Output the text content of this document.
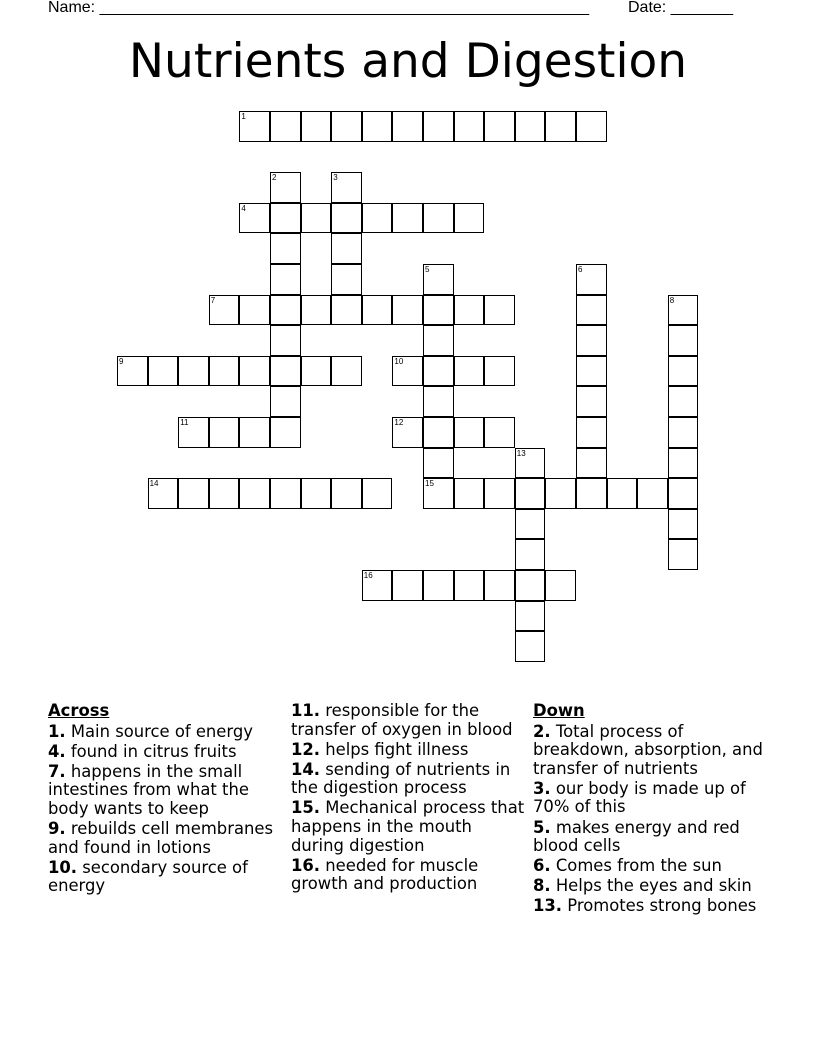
Name: _______________________________________________________ Date: _______
Nutrients and Digestion
1
2	3
4
5
15
6
7	8
9	10
11	12
13
14
16
Across
1. Main source of energy
4. found in citrus fruits
7. happens in the small intestines from what the body wants to keep
9. rebuilds cell membranes and found in lotions
10. secondary source of energy
11. responsible for the transfer of oxygen in blood
12. helps fight illness
14. sending of nutrients in the digestion process
15. Mechanical process that happens in the mouth during digestion
16. needed for muscle growth and production
Down
2. Total process of breakdown, absorption, and transfer of nutrients
3. our body is made up of 70% of this
5. makes energy and red blood cells
6. Comes from the sun
8. Helps the eyes and skin
13. Promotes strong bones
